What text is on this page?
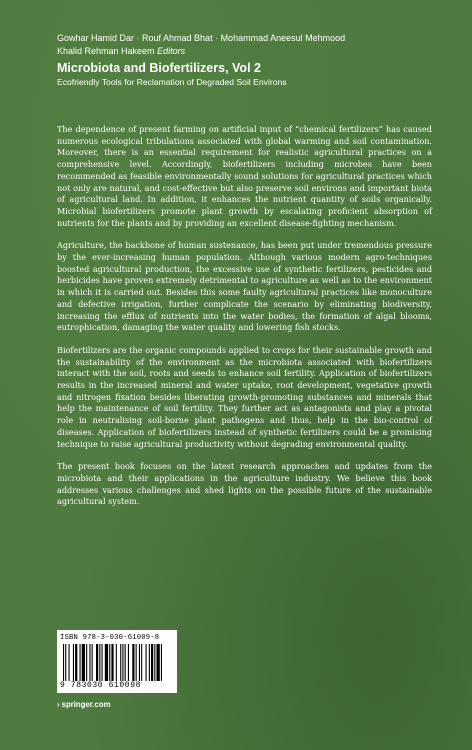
Gowhar Hamid Dar · Rouf Ahmad Bhat · Mohammad Aneesul Mehmood
Khalid Rehman Hakeem Editors
Microbiota and Biofertilizers, Vol 2
Ecofriendly Tools for Reclamation of Degraded Soil Environs

The dependence of present farming on artificial input of “chemical fertilizers” has caused numerous ecological tribulations associated with global warming and soil contamination. Moreover, there is an essential requirement for realistic agricultural practices on a comprehensive level. Accordingly, biofertilizers including microbes have been recommended as feasible environmentally sound solutions for agricultural practices which not only are natural, and cost-effective but also preserve soil environs and important biota of agricultural land. In addition, it enhances the nutrient quantity of soils organically. Microbial biofertilizers promote plant growth by escalating proficient absorption of nutrients for the plants and by providing an excellent disease-fighting mechanism.

Agriculture, the backbone of human sustenance, has been put under tremendous pressure by the ever-increasing human population. Although various modern agro-techniques boosted agricultural production, the excessive use of synthetic fertilizers, pesticides and herbicides have proven extremely detrimental to agriculture as well as to the environment in which it is carried out. Besides this some faulty agricultural practices like monoculture and defective irrigation, further complicate the scenario by eliminating biodiversity, increasing the efflux of nutrients into the water bodies, the formation of algal blooms, eutrophication, damaging the water quality and lowering fish stocks.

Biofertilizers are the organic compounds applied to crops for their sustainable growth and the sustainability of the environment as the microbiota associated with biofertilizers interact with the soil, roots and seeds to enhance soil fertility. Application of biofertilizers results in the increased mineral and water uptake, root development, vegetative growth and nitrogen fixation besides liberating growth-promoting substances and minerals that help the maintenance of soil fertility. They further act as antagonists and play a pivotal role in neutralising soil-borne plant pathogens and thus, help in the bio-control of diseases. Application of biofertilizers instead of synthetic fertilizers could be a promising technique to raise agricultural productivity without degrading environmental quality.

The present book focuses on the latest research approaches and updates from the microbiota and their applications in the agriculture industry. We believe this book addresses various challenges and shed lights on the possible future of the sustainable agricultural system.

ISBN 978-3-030-61009-8
9 783030 610098
› springer.com
